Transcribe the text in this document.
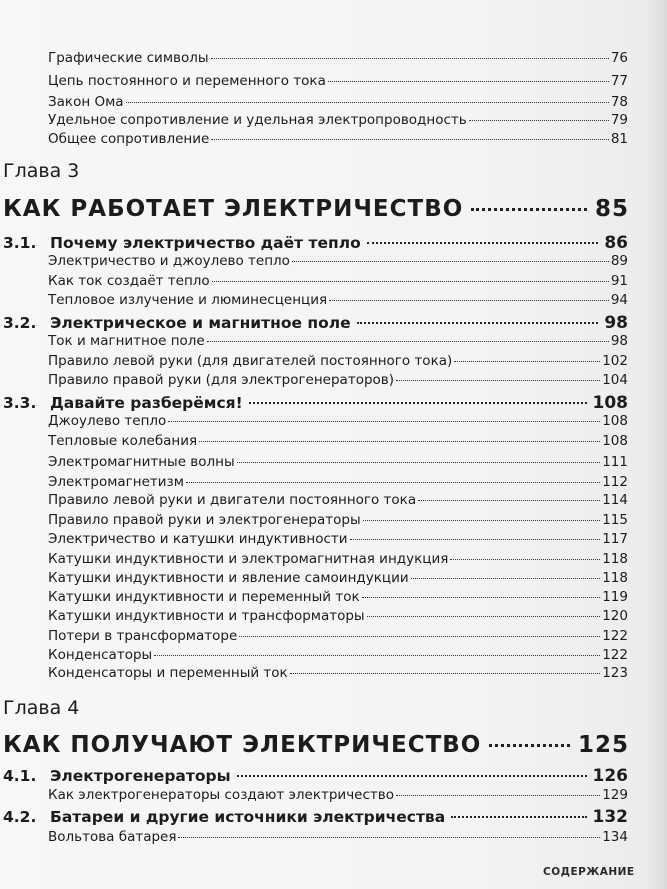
Графические символы	76
Цепь постоянного и переменного тока	77
Закон Ома	78
Удельное сопротивление и удельная электропроводность	79
Общее сопротивление	81
Глава 3
КАК РАБОТАЕТ ЭЛЕКТРИЧЕСТВО	85
3.1. Почему электричество даёт тепло	86
Электричество и джоулево тепло	89
Как ток создаёт тепло	91
Тепловое излучение и люминесценция	94
3.2. Электрическое и магнитное поле	98
Ток и магнитное поле	98
Правило левой руки (для двигателей постоянного тока)	102
Правило правой руки (для электрогенераторов)	104
3.3. Давайте разберёмся!	108
Джоулево тепло	108
Тепловые колебания	108
Электромагнитные волны	111
Электромагнетизм	112
Правило левой руки и двигатели постоянного тока	114
Правило правой руки и электрогенераторы	115
Электричество и катушки индуктивности	117
Катушки индуктивности и электромагнитная индукция	118
Катушки индуктивности и явление самоиндукции	118
Катушки индуктивности и переменный ток	119
Катушки индуктивности и трансформаторы	120
Потери в трансформаторе	122
Конденсаторы	122
Конденсаторы и переменный ток	123
Глава 4
КАК ПОЛУЧАЮТ ЭЛЕКТРИЧЕСТВО	125
4.1. Электрогенераторы	126
Как электрогенераторы создают электричество	129
4.2. Батареи и другие источники электричества	132
Вольтова батарея	134
СОДЕРЖАНИЕ
